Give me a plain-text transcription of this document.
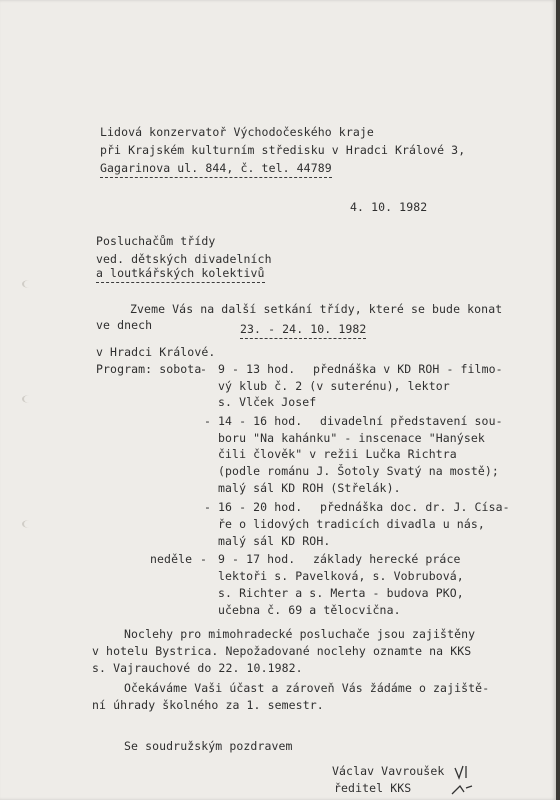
Lidová konzervatoř Východočeského kraje
při Krajském kulturním středisku v Hradci Králové 3,
Gagarinova ul. 844, č. tel. 44789
4. 10. 1982
Posluchačům třídy
ved. dětských divadelních
a loutkářských kolektivů
Zveme Vás na další setkání třídy, které se bude konat
ve dnech	23. - 24. 10. 1982
v Hradci Králové.
Program: sobota
- 9 - 13 hod. přednáška v KD ROH - filmo-
vý klub č. 2 (v suterénu), lektor
s. Vlček Josef
- 14 - 16 hod. divadelní představení sou-
boru "Na kahánku" - inscenace "Hanýsek
čili člověk" v režii Lučka Richtra
(podle románu J. Šotoly Svatý na mostě);
malý sál KD ROH (Střelák).
- 16 - 20 hod. přednáška doc. dr. J. Císa-
ře o lidových tradicích divadla u nás,
malý sál KD ROH.
neděle - 9 - 17 hod. základy herecké práce
lektoři s. Pavelková, s. Vobrubová,
s. Richter a s. Merta - budova PKO,
učebna č. 69 a tělocvična.
Noclehy pro mimohradecké posluchače jsou zajištěny
v hotelu Bystrica. Nepožadované noclehy oznamte na KKS
s. Vajrauchové do 22. 10.1982.
Očekáváme Vaši účast a zároveň Vás žádáme o zajiště-
ní úhrady školného za 1. semestr.
Se soudružským pozdravem
Václav Vavroušek
ředitel KKS
